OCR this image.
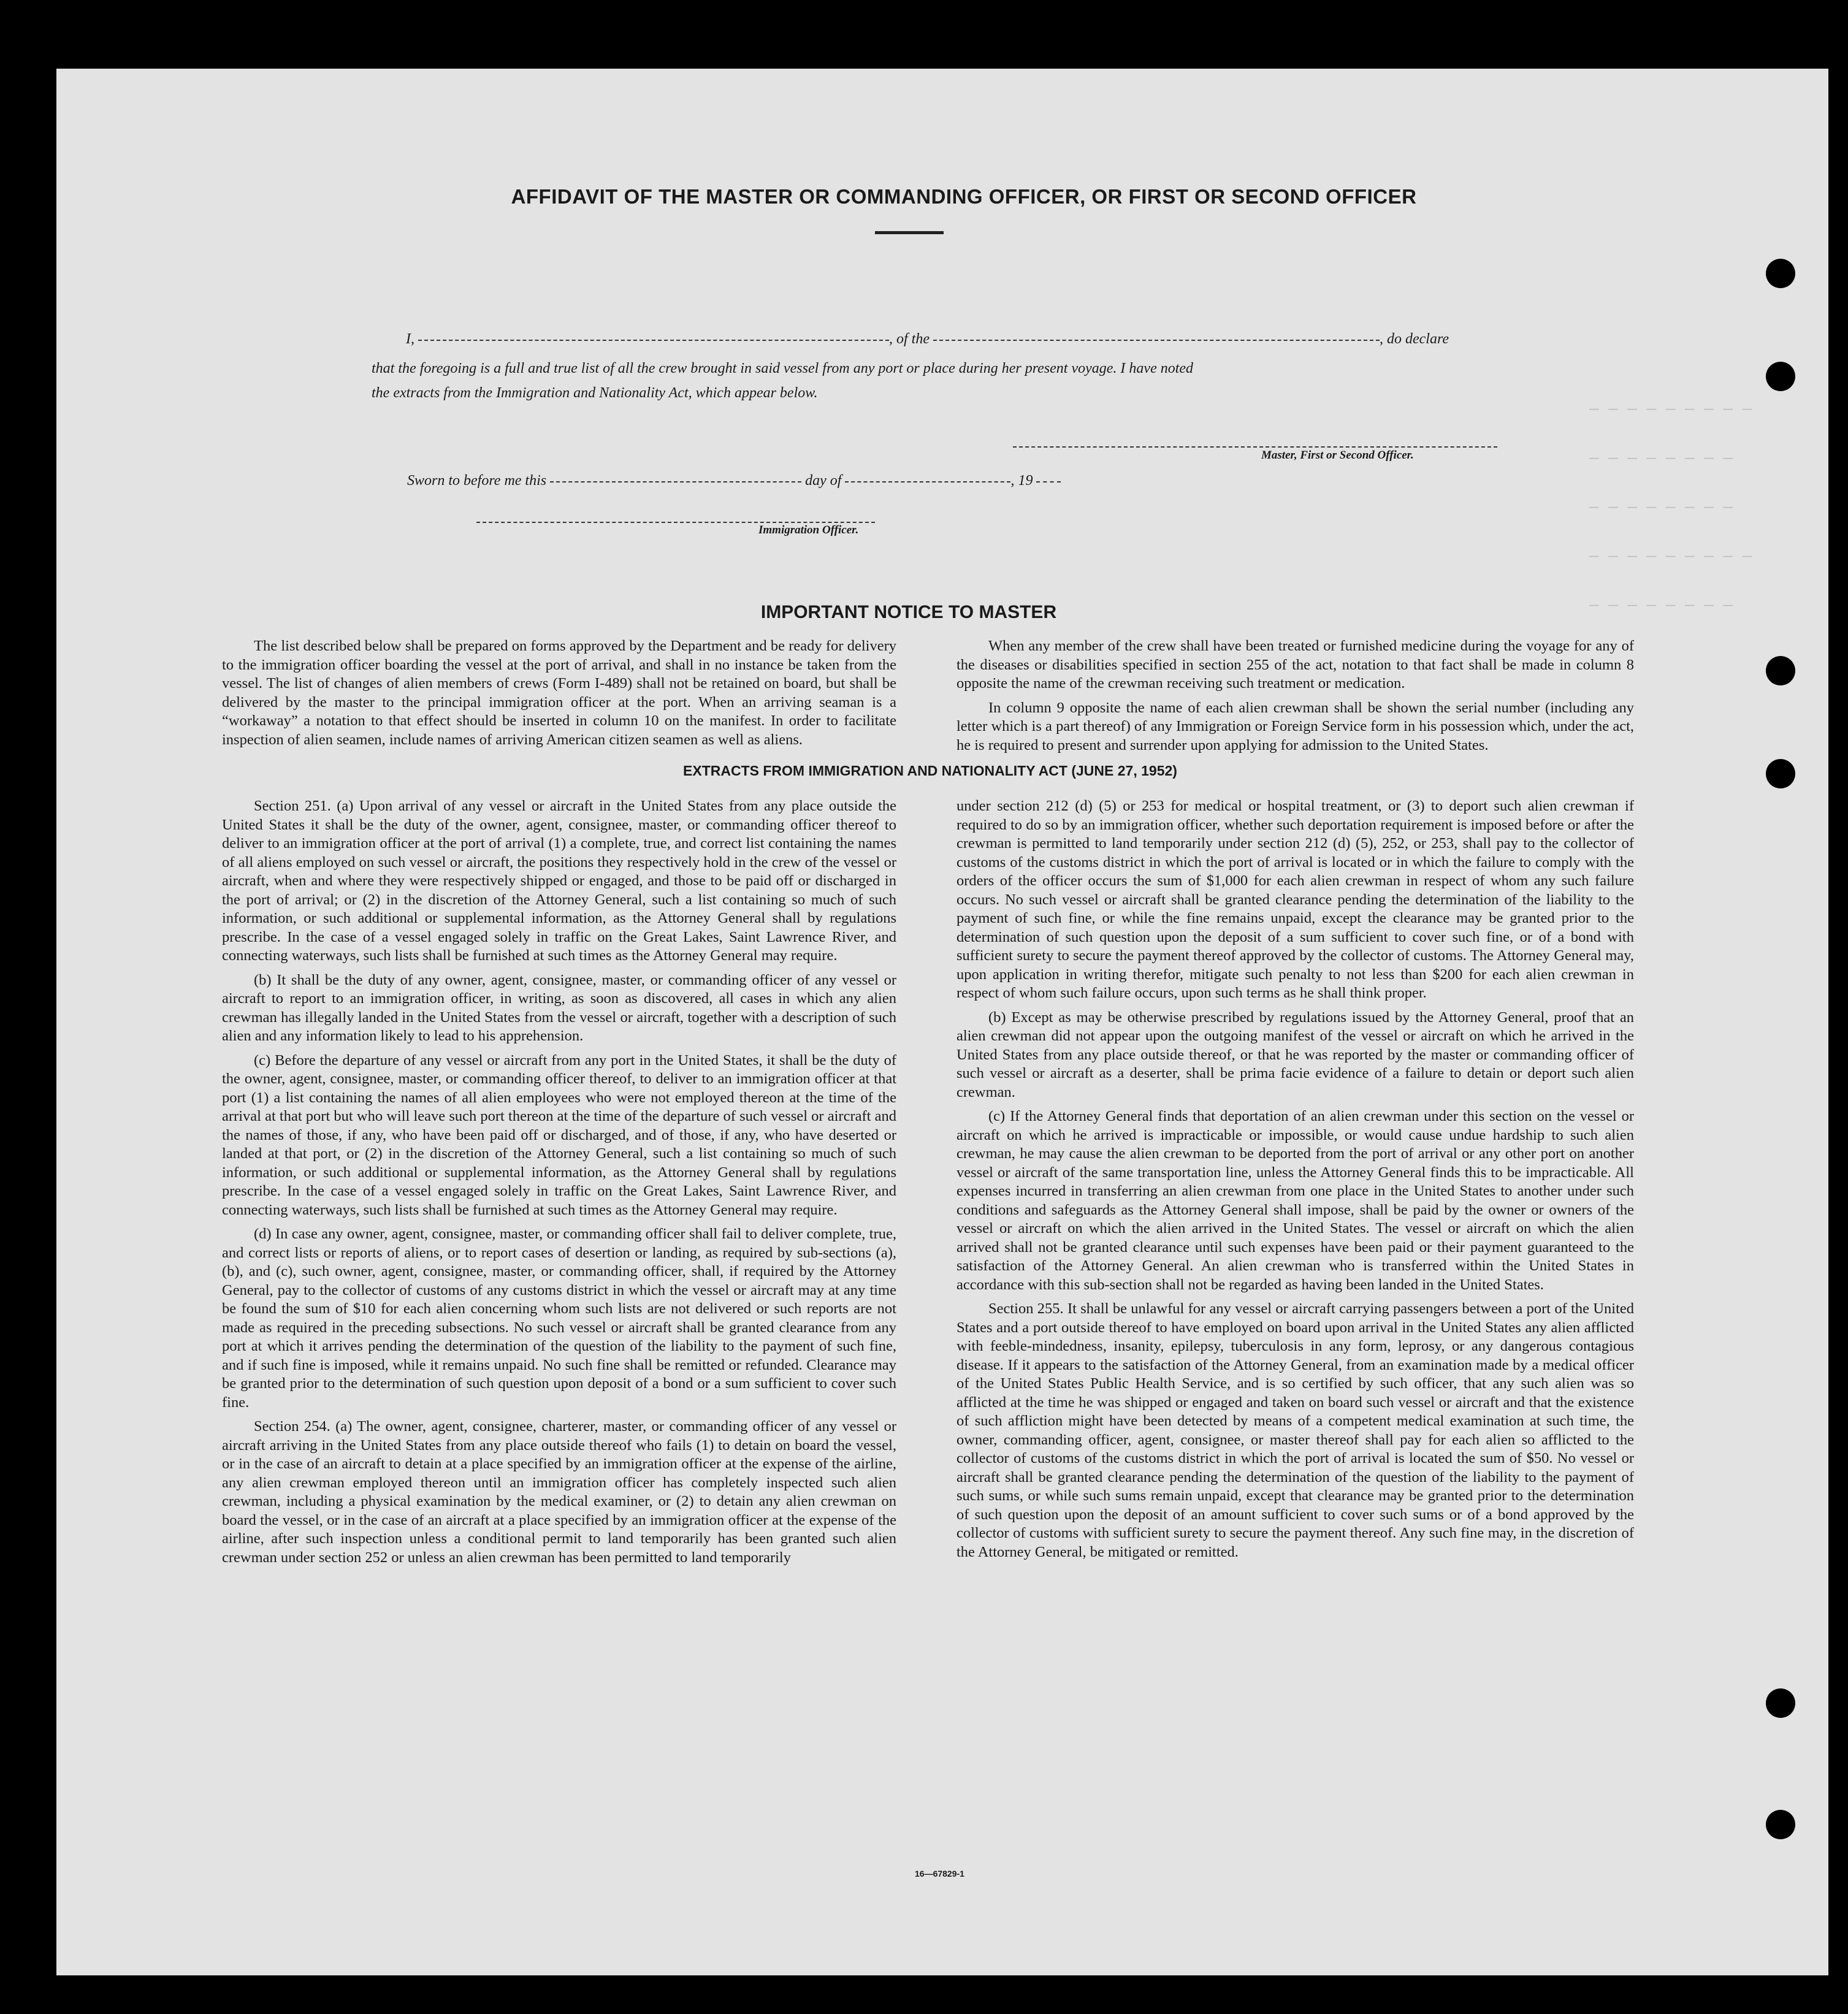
— — — — — — — — —
— — — — — — — —
— — — — — — — —
— — — — — — — — —
— — — — — — — —
AFFIDAVIT OF THE MASTER OR COMMANDING OFFICER, OR FIRST OR SECOND OFFICER
I,	, of the	, do declare
that the foregoing is a full and true list of all the crew brought in said vessel from any port or place during her present voyage. I have noted
the extracts from the Immigration and Nationality Act, which appear below.
Master, First or Second Officer.
Sworn to before me this	day of	, 19
Immigration Officer.
IMPORTANT NOTICE TO MASTER

The list described below shall be prepared on forms approved by the Department and be ready for delivery to the immigration officer boarding the vessel at the port of arrival, and shall in no instance be taken from the vessel. The list of changes of alien members of crews (Form I-489) shall not be retained on board, but shall be delivered by the master to the principal immigration officer at the port. When an arriving seaman is a “workaway” a notation to that effect should be inserted in column 10 on the manifest. In order to facilitate inspection of alien seamen, include names of arriving American citizen seamen as well as aliens.

When any member of the crew shall have been treated or furnished medicine during the voyage for any of the diseases or disabilities specified in section 255 of the act, notation to that fact shall be made in column 8 opposite the name of the crewman receiving such treatment or medication.

In column 9 opposite the name of each alien crewman shall be shown the serial number (including any letter which is a part thereof) of any Immigration or Foreign Service form in his possession which, under the act, he is required to present and surrender upon applying for admission to the United States.

EXTRACTS FROM IMMIGRATION AND NATIONALITY ACT (JUNE 27, 1952)

Section 251. (a) Upon arrival of any vessel or aircraft in the United States from any place outside the United States it shall be the duty of the owner, agent, consignee, master, or commanding officer thereof to deliver to an immigration officer at the port of arrival (1) a complete, true, and correct list containing the names of all aliens employed on such vessel or aircraft, the positions they respectively hold in the crew of the vessel or aircraft, when and where they were respectively shipped or engaged, and those to be paid off or discharged in the port of arrival; or (2) in the discretion of the Attorney General, such a list containing so much of such information, or such additional or supplemental information, as the Attorney General shall by regulations prescribe. In the case of a vessel engaged solely in traffic on the Great Lakes, Saint Lawrence River, and connecting waterways, such lists shall be furnished at such times as the Attorney General may require.

(b) It shall be the duty of any owner, agent, consignee, master, or commanding officer of any vessel or aircraft to report to an immigration officer, in writing, as soon as discovered, all cases in which any alien crewman has illegally landed in the United States from the vessel or aircraft, together with a description of such alien and any information likely to lead to his apprehension.

(c) Before the departure of any vessel or aircraft from any port in the United States, it shall be the duty of the owner, agent, consignee, master, or commanding officer thereof, to deliver to an immigration officer at that port (1) a list containing the names of all alien employees who were not employed thereon at the time of the arrival at that port but who will leave such port thereon at the time of the departure of such vessel or aircraft and the names of those, if any, who have been paid off or discharged, and of those, if any, who have deserted or landed at that port, or (2) in the discretion of the Attorney General, such a list containing so much of such information, or such additional or supplemental information, as the Attorney General shall by regulations prescribe. In the case of a vessel engaged solely in traffic on the Great Lakes, Saint Lawrence River, and connecting waterways, such lists shall be furnished at such times as the Attorney General may require.

(d) In case any owner, agent, consignee, master, or commanding officer shall fail to deliver complete, true, and correct lists or reports of aliens, or to report cases of desertion or landing, as required by sub-sections (a), (b), and (c), such owner, agent, consignee, master, or commanding officer, shall, if required by the Attorney General, pay to the collector of customs of any customs district in which the vessel or aircraft may at any time be found the sum of $10 for each alien concerning whom such lists are not delivered or such reports are not made as required in the preceding subsections. No such vessel or aircraft shall be granted clearance from any port at which it arrives pending the determination of the question of the liability to the payment of such fine, and if such fine is imposed, while it remains unpaid. No such fine shall be remitted or refunded. Clearance may be granted prior to the determination of such question upon deposit of a bond or a sum sufficient to cover such fine.

Section 254. (a) The owner, agent, consignee, charterer, master, or commanding officer of any vessel or aircraft arriving in the United States from any place outside thereof who fails (1) to detain on board the vessel, or in the case of an aircraft to detain at a place specified by an immigration officer at the expense of the airline, any alien crewman employed thereon until an immigration officer has completely inspected such alien crewman, including a physical examination by the medical examiner, or (2) to detain any alien crewman on board the vessel, or in the case of an aircraft at a place specified by an immigration officer at the expense of the airline, after such inspection unless a conditional permit to land temporarily has been granted such alien crewman under section 252 or unless an alien crewman has been permitted to land temporarily

under section 212 (d) (5) or 253 for medical or hospital treatment, or (3) to deport such alien crewman if required to do so by an immigration officer, whether such deportation requirement is imposed before or after the crewman is permitted to land temporarily under section 212 (d) (5), 252, or 253, shall pay to the collector of customs of the customs district in which the port of arrival is located or in which the failure to comply with the orders of the officer occurs the sum of $1,000 for each alien crewman in respect of whom any such failure occurs. No such vessel or aircraft shall be granted clearance pending the determination of the liability to the payment of such fine, or while the fine remains unpaid, except the clearance may be granted prior to the determination of such question upon the deposit of a sum sufficient to cover such fine, or of a bond with sufficient surety to secure the payment thereof approved by the collector of customs. The Attorney General may, upon application in writing therefor, mitigate such penalty to not less than $200 for each alien crewman in respect of whom such failure occurs, upon such terms as he shall think proper.

(b) Except as may be otherwise prescribed by regulations issued by the Attorney General, proof that an alien crewman did not appear upon the outgoing manifest of the vessel or aircraft on which he arrived in the United States from any place outside thereof, or that he was reported by the master or commanding officer of such vessel or aircraft as a deserter, shall be prima facie evidence of a failure to detain or deport such alien crewman.

(c) If the Attorney General finds that deportation of an alien crewman under this section on the vessel or aircraft on which he arrived is impracticable or impossible, or would cause undue hardship to such alien crewman, he may cause the alien crewman to be deported from the port of arrival or any other port on another vessel or aircraft of the same transportation line, unless the Attorney General finds this to be impracticable. All expenses incurred in transferring an alien crewman from one place in the United States to another under such conditions and safeguards as the Attorney General shall impose, shall be paid by the owner or owners of the vessel or aircraft on which the alien arrived in the United States. The vessel or aircraft on which the alien arrived shall not be granted clearance until such expenses have been paid or their payment guaranteed to the satisfaction of the Attorney General. An alien crewman who is transferred within the United States in accordance with this sub-section shall not be regarded as having been landed in the United States.

Section 255. It shall be unlawful for any vessel or aircraft carrying passengers between a port of the United States and a port outside thereof to have employed on board upon arrival in the United States any alien afflicted with feeble-mindedness, insanity, epilepsy, tuberculosis in any form, leprosy, or any dangerous contagious disease. If it appears to the satisfaction of the Attorney General, from an examination made by a medical officer of the United States Public Health Service, and is so certified by such officer, that any such alien was so afflicted at the time he was shipped or engaged and taken on board such vessel or aircraft and that the existence of such affliction might have been detected by means of a competent medical examination at such time, the owner, commanding officer, agent, consignee, or master thereof shall pay for each alien so afflicted to the collector of customs of the customs district in which the port of arrival is located the sum of $50. No vessel or aircraft shall be granted clearance pending the determination of the question of the liability to the payment of such sums, or while such sums remain unpaid, except that clearance may be granted prior to the determination of such question upon the deposit of an amount sufficient to cover such sums or of a bond approved by the collector of customs with sufficient surety to secure the payment thereof. Any such fine may, in the discretion of the Attorney General, be mitigated or remitted.

16—67829-1
